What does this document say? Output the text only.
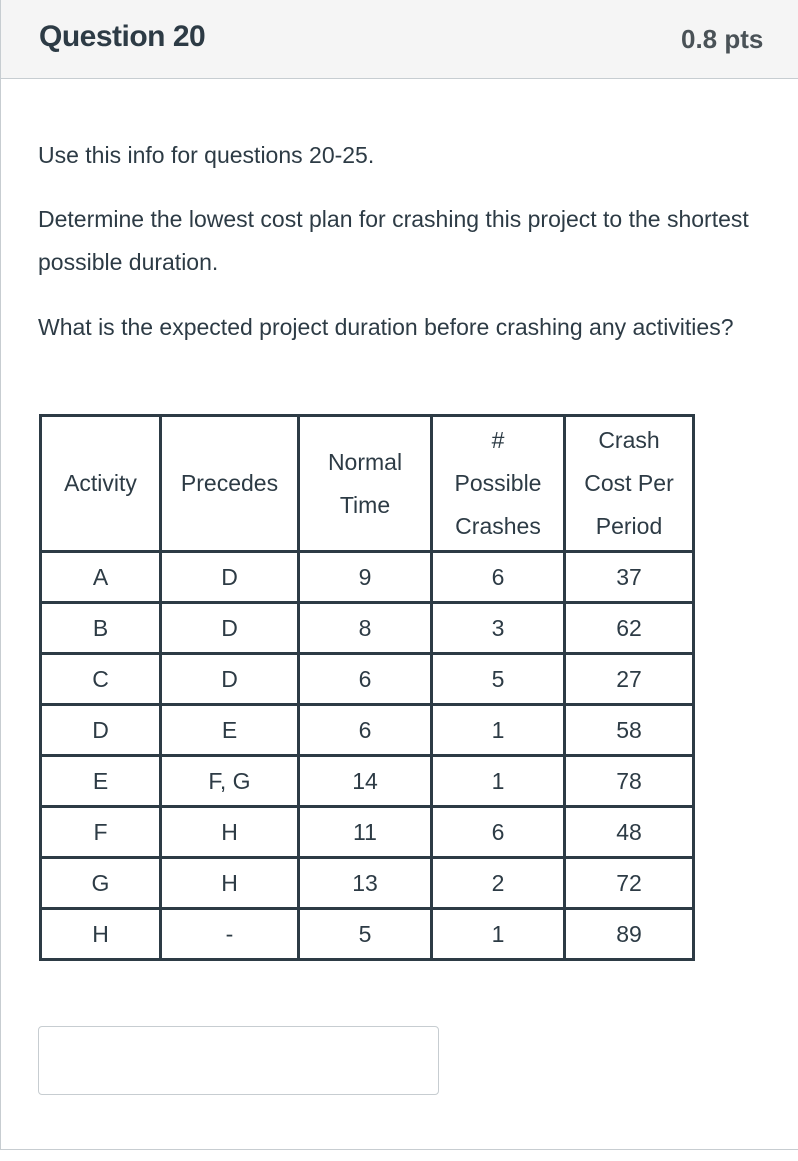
Question 20	0.8 pts
Use this info for questions 20-25.
Determine the lowest cost plan for crashing this project to the shortest possible duration.
What is the expected project duration before crashing any activities?
Activity	Precedes	Normal Time	# Possible Crashes	Crash Cost Per Period
A	D	9	6	37
B	D	8	3	62
C	D	6	5	27
D	E	6	1	58
E	F, G	14	1	78
F	H	11	6	48
G	H	13	2	72
H	-	5	1	89
